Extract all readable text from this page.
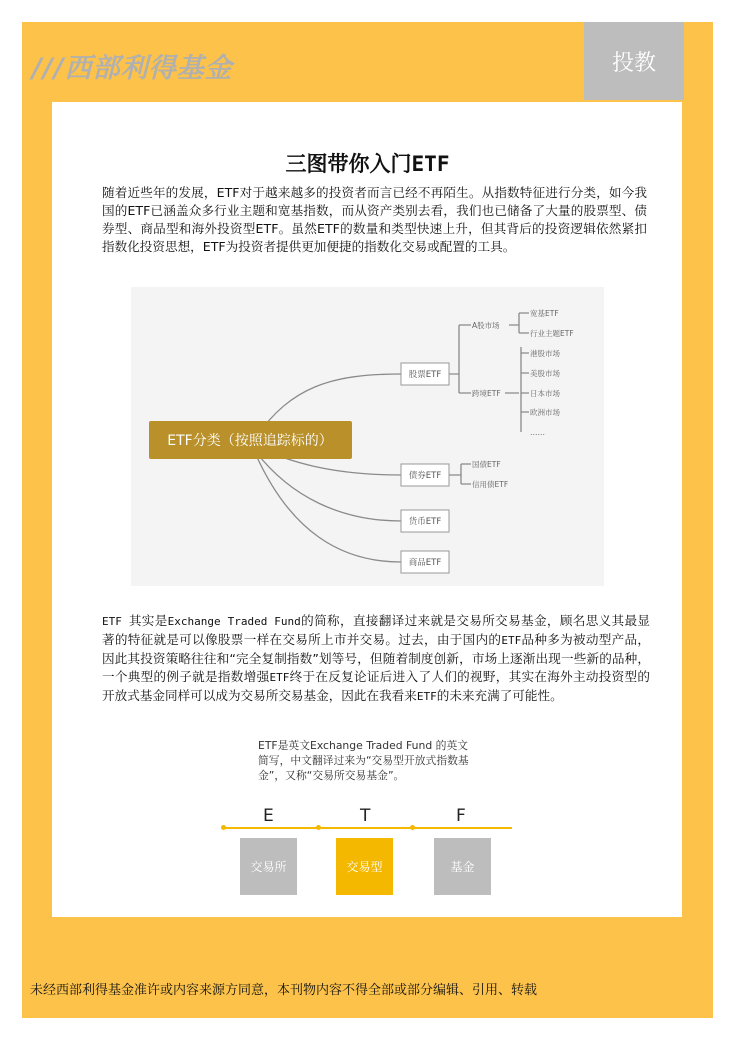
///西部利得基金	投教
三图带你入门ETF
随着近些年的发展，ETF对于越来越多的投资者而言已经不再陌生。从指数特征进行分类，如今我国的ETF已涵盖众多行业主题和宽基指数，而从资产类别去看，我们也已储备了大量的股票型、债券型、商品型和海外投资型ETF。虽然ETF的数量和类型快速上升，但其背后的投资逻辑依然紧扣指数化投资思想，ETF为投资者提供更加便捷的指数化交易或配置的工具。
ETF分类（按照追踪标的）
股票ETF
债券ETF
货币ETF
商品ETF
A股市场
跨境ETF
宽基ETF
行业主题ETF
港股市场
美股市场
日本市场
欧洲市场
……
国债ETF
信用债ETF
ETF 其实是Exchange Traded Fund的简称，直接翻译过来就是交易所交易基金，顾名思义其最显著的特征就是可以像股票一样在交易所上市并交易。过去，由于国内的ETF品种多为被动型产品，因此其投资策略往往和“完全复制指数”划等号，但随着制度创新，市场上逐渐出现一些新的品种，一个典型的例子就是指数增强ETF终于在反复论证后进入了人们的视野，其实在海外主动投资型的开放式基金同样可以成为交易所交易基金，因此在我看来ETF的未来充满了可能性。
ETF是英文Exchange Traded Fund 的英文简写，中文翻译过来为“交易型开放式指数基金”，又称“交易所交易基金”。
E	T	F
交易所	交易型	基金
未经西部利得基金准许或内容来源方同意，本刊物内容不得全部或部分编辑、引用、转载
